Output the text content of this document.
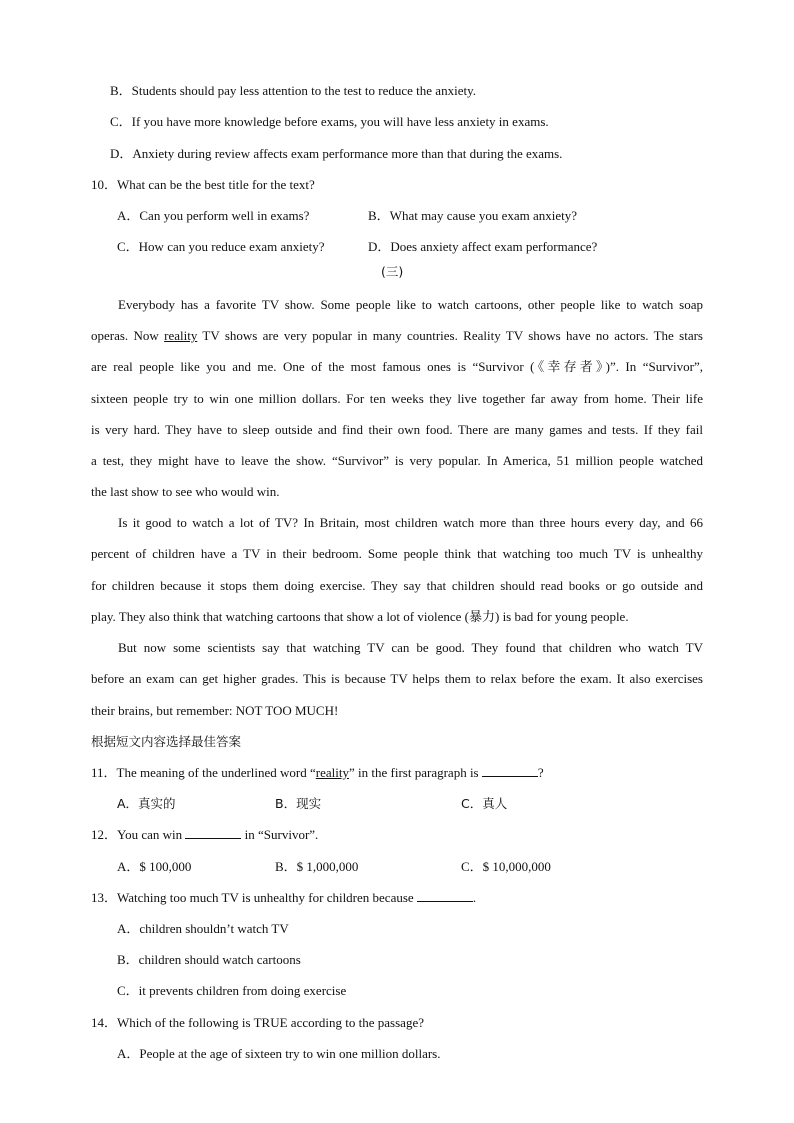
B．Students should pay less attention to the test to reduce the anxiety.
C．If you have more knowledge before exams, you will have less anxiety in exams.
D．Anxiety during review affects exam performance more than that during the exams.
10．What can be the best title for the text?
A．Can you perform well in exams?	B．What may cause you exam anxiety?
C．How can you reduce exam anxiety?	D．Does anxiety affect exam performance?
(三)
Everybody has a favorite TV show. Some people like to watch cartoons, other people like to watch soap
operas. Now reality TV shows are very popular in many countries. Reality TV shows have no actors. The stars
are real people like you and me. One of the most famous ones is “Survivor (《幸存者》)”. In “Survivor”,
sixteen people try to win one million dollars. For ten weeks they live together far away from home. Their life
is very hard. They have to sleep outside and find their own food. There are many games and tests. If they fail
a test, they might have to leave the show. “Survivor” is very popular. In America, 51 million people watched
the last show to see who would win.
Is it good to watch a lot of TV? In Britain, most children watch more than three hours every day, and 66
percent of children have a TV in their bedroom. Some people think that watching too much TV is unhealthy
for children because it stops them doing exercise. They say that children should read books or go outside and
play. They also think that watching cartoons that show a lot of violence (暴力) is bad for young people.
But now some scientists say that watching TV can be good. They found that children who watch TV
before an exam can get higher grades. This is because TV helps them to relax before the exam. It also exercises
their brains, but remember: NOT TOO MUCH!
根据短文内容选择最佳答案
11．The meaning of the underlined word “reality” in the first paragraph is	?
A．真实的	B．现实	C．真人
12．You can win	in “Survivor”.
A．$ 100,000	B．$ 1,000,000	C．$ 10,000,000
13．Watching too much TV is unhealthy for children because	.
A．children shouldn’t watch TV
B．children should watch cartoons
C．it prevents children from doing exercise
14．Which of the following is TRUE according to the passage?
A．People at the age of sixteen try to win one million dollars.
